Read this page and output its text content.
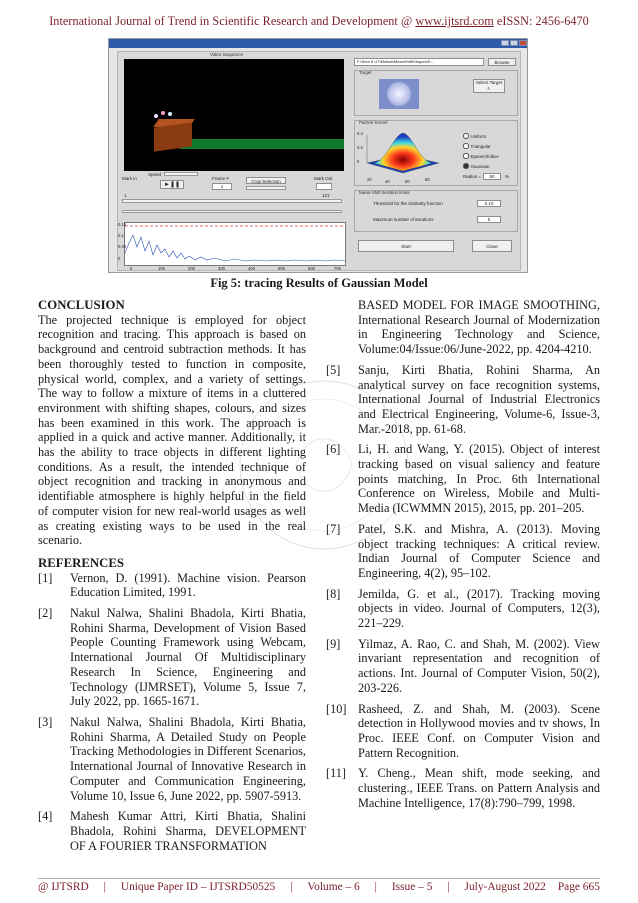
International Journal of Trend in Scientific Research and Development @ www.ijtsrd.com eISSN: 2456-6470
Video Sequence
Mark in
Speed
►❚❚
Frame #
1
Crop Selection
Mark Out
1	121
0.15
0.1
0.05
0
0	100	200	300	400	500	600	700
F:\Sem 8 UT\Matlab\MeanShift\Shapes\D...	Browse
Target
Select Target
↖
Parzen Kernel
0.4
0.2
0
20	40	60	80
Uniform
Triangular
Epanechnikov
Gaussian
Radius =	50	%
Mean-Shift iteration limits
Threshold for the similarity function	0.10
Maximum number of iterations	5
Start	Close
Fig 5: tracing Results of Gaussian Model

CONCLUSION

The projected technique is employed for object recognition and tracing. This approach is based on background and centroid subtraction methods. It has been thoroughly tested to function in composite, physical world, complex, and a variety of settings. The way to follow a mixture of items in a cluttered environment with shifting shapes, colours, and sizes has been examined in this work. The approach is applied in a quick and active manner. Additionally, it has the ability to trace objects in different lighting conditions. As a result, the intended technique of object recognition and tracking in anonymous and identifiable atmosphere is highly helpful in the field of computer vision for new real-world usages as well as creating existing ways to be used in the real scenario.

REFERENCES

[1] Vernon, D. (1991). Machine vision. Pearson Education Limited, 1991.
[2] Nakul Nalwa, Shalini Bhadola, Kirti Bhatia, Rohini Sharma, Development of Vision Based People Counting Framework using Webcam, International Journal Of Multidisciplinary Research In Science, Engineering and Technology (IJMRSET), Volume 5, Issue 7, July 2022, pp. 1665-1671.
[3] Nakul Nalwa, Shalini Bhadola, Kirti Bhatia, Rohini Sharma, A Detailed Study on People Tracking Methodologies in Different Scenarios, International Journal of Innovative Research in Computer and Communication Engineering, Volume 10, Issue 6, June 2022, pp. 5907-5913.
[4] Mahesh Kumar Attri, Kirti Bhatia, Shalini Bhadola, Rohini Sharma, DEVELOPMENT OF A FOURIER TRANSFORMATION
BASED MODEL FOR IMAGE SMOOTHING, International Research Journal of Modernization in Engineering Technology and Science, Volume:04/Issue:06/June-2022, pp. 4204-4210.
[5] Sanju, Kirti Bhatia, Rohini Sharma, An analytical survey on face recognition systems, International Journal of Industrial Electronics and Electrical Engineering, Volume-6, Issue-3, Mar.-2018, pp. 61-68.
[6] Li, H. and Wang, Y. (2015). Object of interest tracking based on visual saliency and feature points matching, In Proc. 6th International Conference on Wireless, Mobile and Multi-Media (ICWMMN 2015), 2015, pp. 201–205.
[7] Patel, S.K. and Mishra, A. (2013). Moving object tracking techniques: A critical review. Indian Journal of Computer Science and Engineering, 4(2), 95–102.
[8] Jemilda, G. et al., (2017). Tracking moving objects in video. Journal of Computers, 12(3), 221–229.
[9] Yilmaz, A. Rao, C. and Shah, M. (2002). View invariant representation and recognition of actions. Int. Journal of Computer Vision, 50(2), 203-226.
[10] Rasheed, Z. and Shah, M. (2003). Scene detection in Hollywood movies and tv shows, In Proc. IEEE Conf. on Computer Vision and Pattern Recognition.
[11] Y. Cheng., Mean shift, mode seeking, and clustering., IEEE Trans. on Pattern Analysis and Machine Intelligence, 17(8):790–799, 1998.
@ IJTSRD | Unique Paper ID – IJTSRD50525 | Volume – 6 | Issue – 5 | July-August 2022 Page 665
